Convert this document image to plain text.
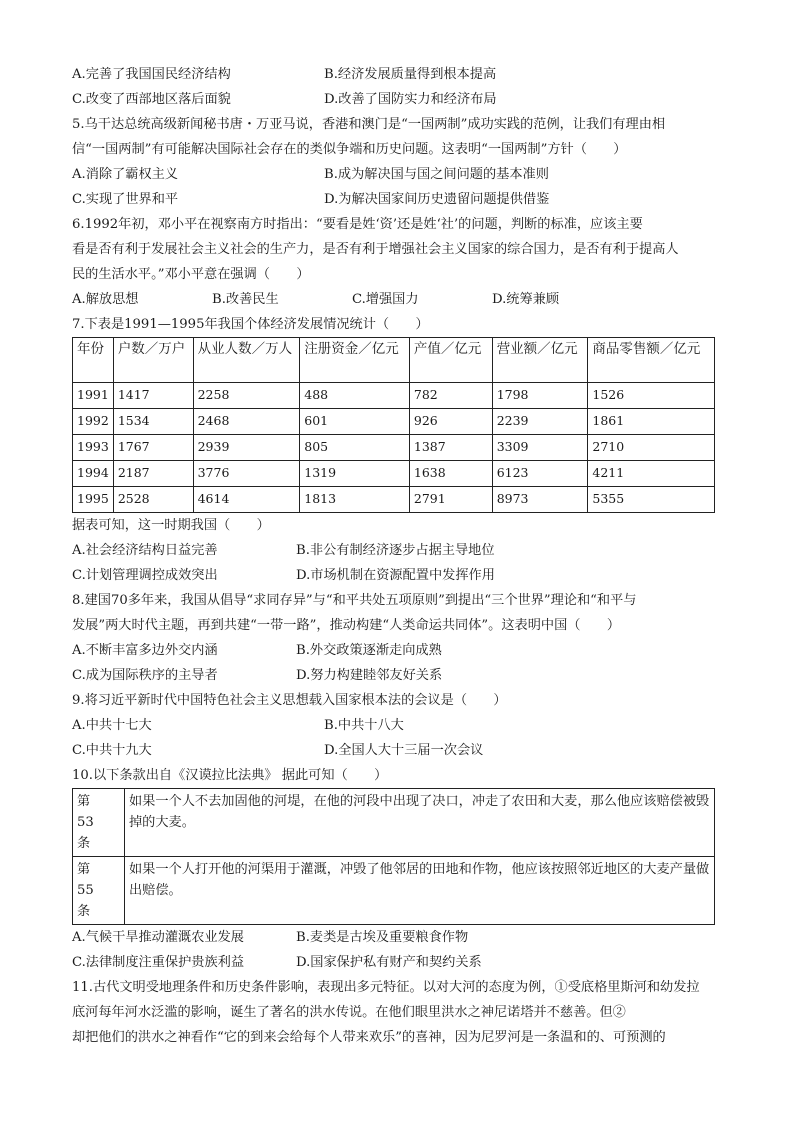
A.完善了我国国民经济结构	B.经济发展质量得到根本提高
C.改变了西部地区落后面貌	D.改善了国防实力和经济布局
5.乌干达总统高级新闻秘书唐・万亚马说，香港和澳门是“一国两制”成功实践的范例，让我们有理由相
信“一国两制”有可能解决国际社会存在的类似争端和历史问题。这表明“一国两制”方针（　　）
A.消除了霸权主义	B.成为解决国与国之间问题的基本准则
C.实现了世界和平	D.为解决国家间历史遗留问题提供借鉴
6.1992年初，邓小平在视察南方时指出：“要看是姓‘资’还是姓‘社’的问题，判断的标准，应该主要
看是否有利于发展社会主义社会的生产力，是否有利于增强社会主义国家的综合国力，是否有利于提高人
民的生活水平。”邓小平意在强调（　　）
A.解放思想	B.改善民生	C.增强国力	D.统筹兼顾
7.下表是1991—1995年我国个体经济发展情况统计（　　）
年份	户数／万户	从业人数／万人	注册资金／亿元	产值／亿元	营业额／亿元	商品零售额／亿元
1991	1417	2258	488	782	1798	1526
1992	1534	2468	601	926	2239	1861
1993	1767	2939	805	1387	3309	2710
1994	2187	3776	1319	1638	6123	4211
1995	2528	4614	1813	2791	8973	5355
据表可知，这一时期我国（　　）
A.社会经济结构日益完善	B.非公有制经济逐步占据主导地位
C.计划管理调控成效突出	D.市场机制在资源配置中发挥作用
8.建国70多年来，我国从倡导“求同存异”与“和平共处五项原则”到提出“三个世界”理论和“和平与
发展”两大时代主题，再到共建“一带一路”，推动构建“人类命运共同体”。这表明中国（　　）
A.不断丰富多边外交内涵	B.外交政策逐渐走向成熟
C.成为国际秩序的主导者	D.努力构建睦邻友好关系
9.将习近平新时代中国特色社会主义思想载入国家根本法的会议是（　　）
A.中共十七大	B.中共十八大
C.中共十九大	D.全国人大十三届一次会议
10.以下条款出自《汉谟拉比法典》 据此可知（　　）
第　53　条	如果一个人不去加固他的河堤，在他的河段中出现了决口，冲走了农田和大麦，那么他应该赔偿被毁掉的大麦。
第　55　条	如果一个人打开他的河渠用于灌溉，冲毁了他邻居的田地和作物，他应该按照邻近地区的大麦产量做出赔偿。
A.气候干旱推动灌溉农业发展	B.麦类是古埃及重要粮食作物
C.法律制度注重保护贵族利益	D.国家保护私有财产和契约关系
11.古代文明受地理条件和历史条件影响，表现出多元特征。以对大河的态度为例，①受底格里斯河和幼发拉
底河每年河水泛滥的影响，诞生了著名的洪水传说。在他们眼里洪水之神尼诺塔并不慈善。但②
却把他们的洪水之神看作“它的到来会给每个人带来欢乐”的喜神，因为尼罗河是一条温和的、可预测的
